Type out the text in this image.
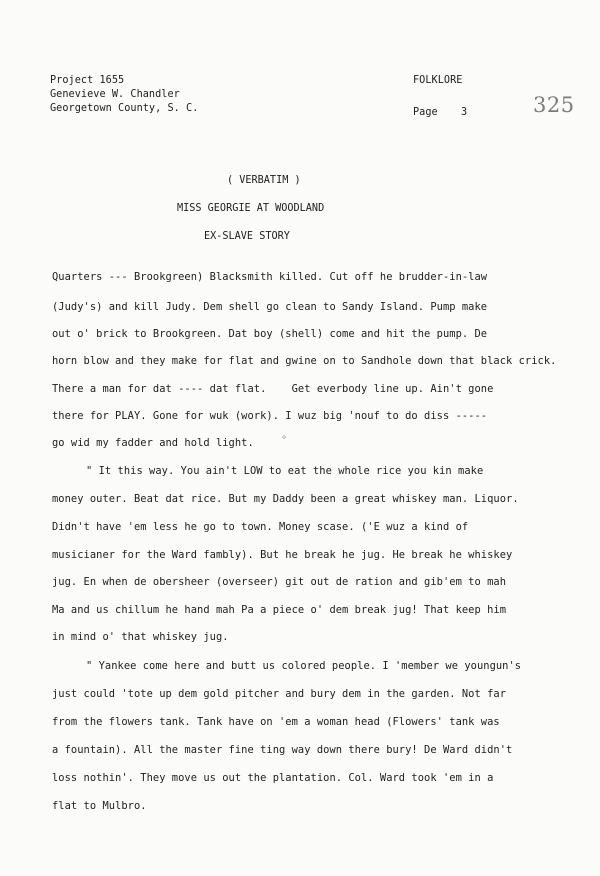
Project 1655
Genevieve W. Chandler
Georgetown County, S. C.
FOLKLORE
Page 3	325
( VERBATIM )
MISS GEORGIE AT WOODLAND
EX-SLAVE STORY
Quarters --- Brookgreen) Blacksmith killed. Cut off he brudder-in-law
(Judy's) and kill Judy. Dem shell go clean to Sandy Island. Pump make
out o' brick to Brookgreen. Dat boy (shell) come and hit the pump. De
horn blow and they make for flat and gwine on to Sandhole down that black crick.
There a man for dat ---- dat flat.    Get everbody line up. Ain't gone
there for PLAY. Gone for wuk (work). I wuz big 'nouf to do diss -----
go wid my fadder and hold light.	✣
" It this way. You ain't LOW to eat the whole rice you kin make
money outer. Beat dat rice. But my Daddy been a great whiskey man. Liquor.
Didn't have 'em less he go to town. Money scase. ('E wuz a kind of
musicianer for the Ward fambly). But he break he jug. He break he whiskey
jug. En when de obersheer (overseer) git out de ration and gib'em to mah
Ma and us chillum he hand mah Pa a piece o' dem break jug! That keep him
in mind o' that whiskey jug.
" Yankee come here and butt us colored people. I 'member we youngun's
just could 'tote up dem gold pitcher and bury dem in the garden. Not far
from the flowers tank. Tank have on 'em a woman head (Flowers' tank was
a fountain). All the master fine ting way down there bury! De Ward didn't
loss nothin'. They move us out the plantation. Col. Ward took 'em in a
flat to Mulbro.
